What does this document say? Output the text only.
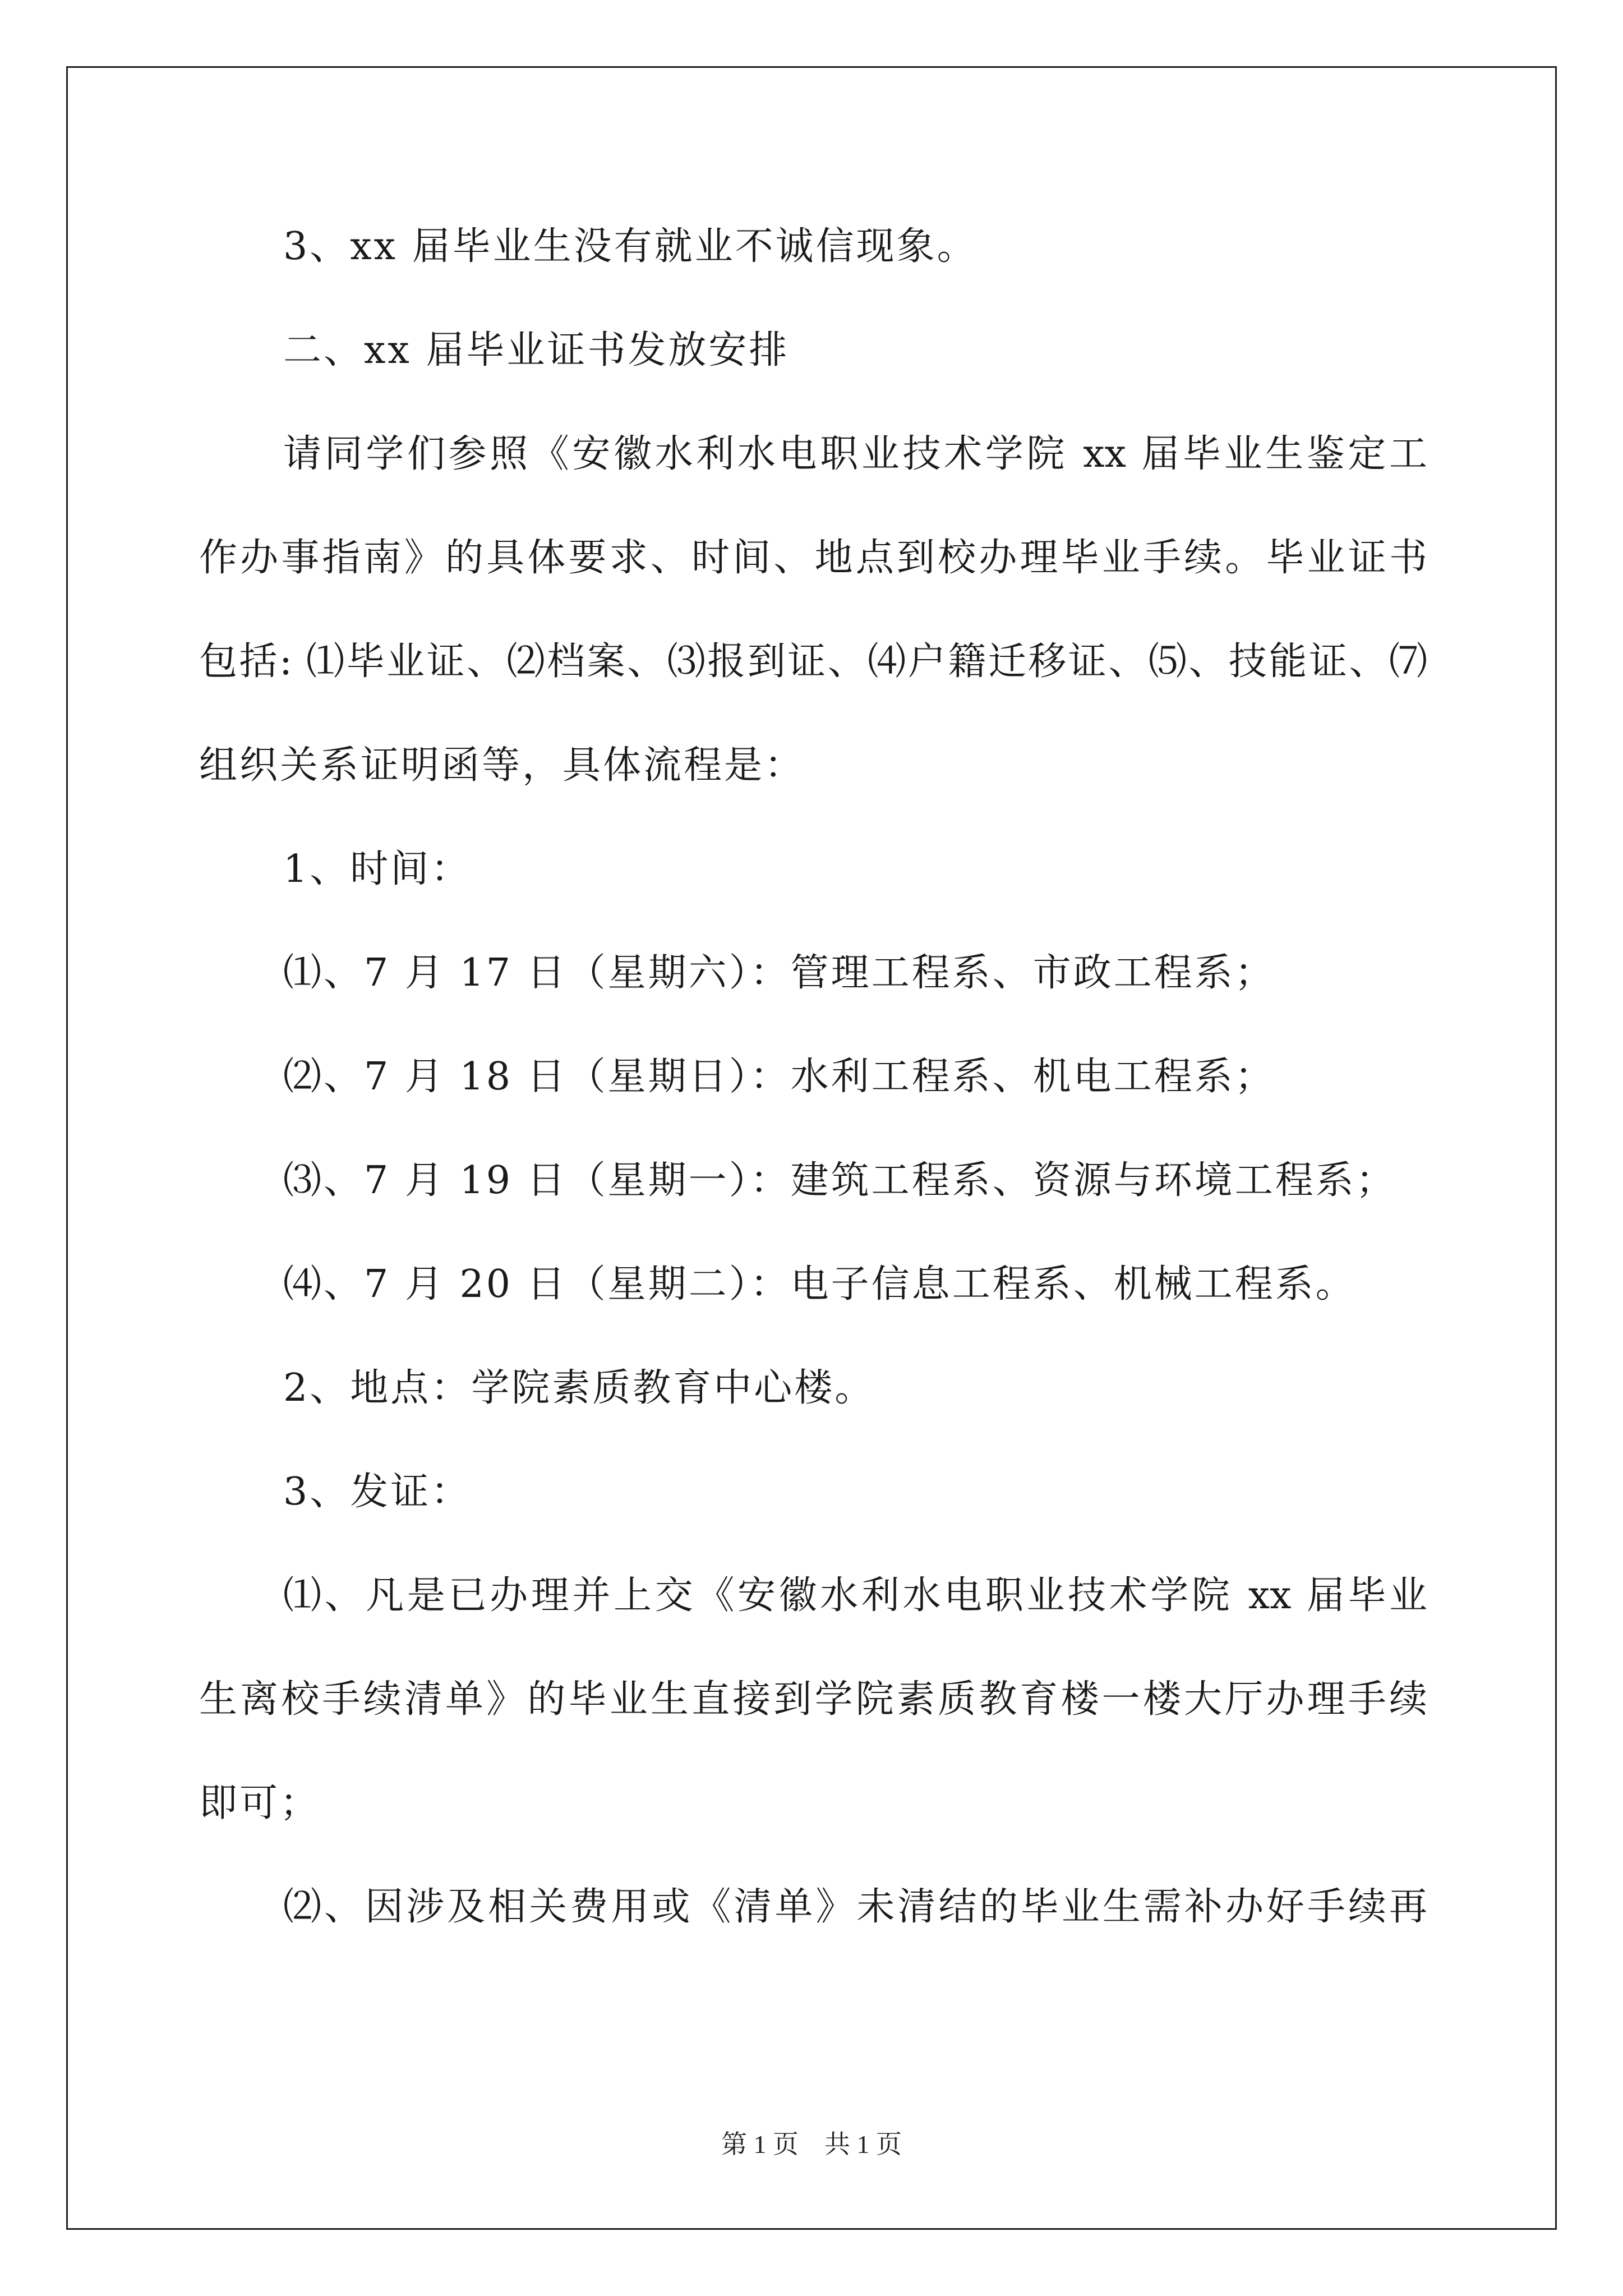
3、xx 届毕业生没有就业不诚信现象。
二、xx 届毕业证书发放安排
请同学们参照《安徽水利水电职业技术学院 xx 届毕业生鉴定工
作办事指南》的具体要求、时间、地点到校办理毕业手续。毕业证书
包括: ⑴毕业证、⑵档案、⑶报到证、⑷户籍迁移证、⑸、技能证、⑺
组织关系证明函等，具体流程是：
1、时间：
⑴、7 月 17 日（星期六）：管理工程系、市政工程系；
⑵、7 月 18 日（星期日）：水利工程系、机电工程系；
⑶、7 月 19 日（星期一）：建筑工程系、资源与环境工程系；
⑷、7 月 20 日（星期二）：电子信息工程系、机械工程系。
2、地点：学院素质教育中心楼。
3、发证：
⑴、凡是已办理并上交《安徽水利水电职业技术学院 xx 届毕业
生离校手续清单》的毕业生直接到学院素质教育楼一楼大厅办理手续
即可；
⑵、因涉及相关费用或《清单》未清结的毕业生需补办好手续再
第 1 页　共 1 页
